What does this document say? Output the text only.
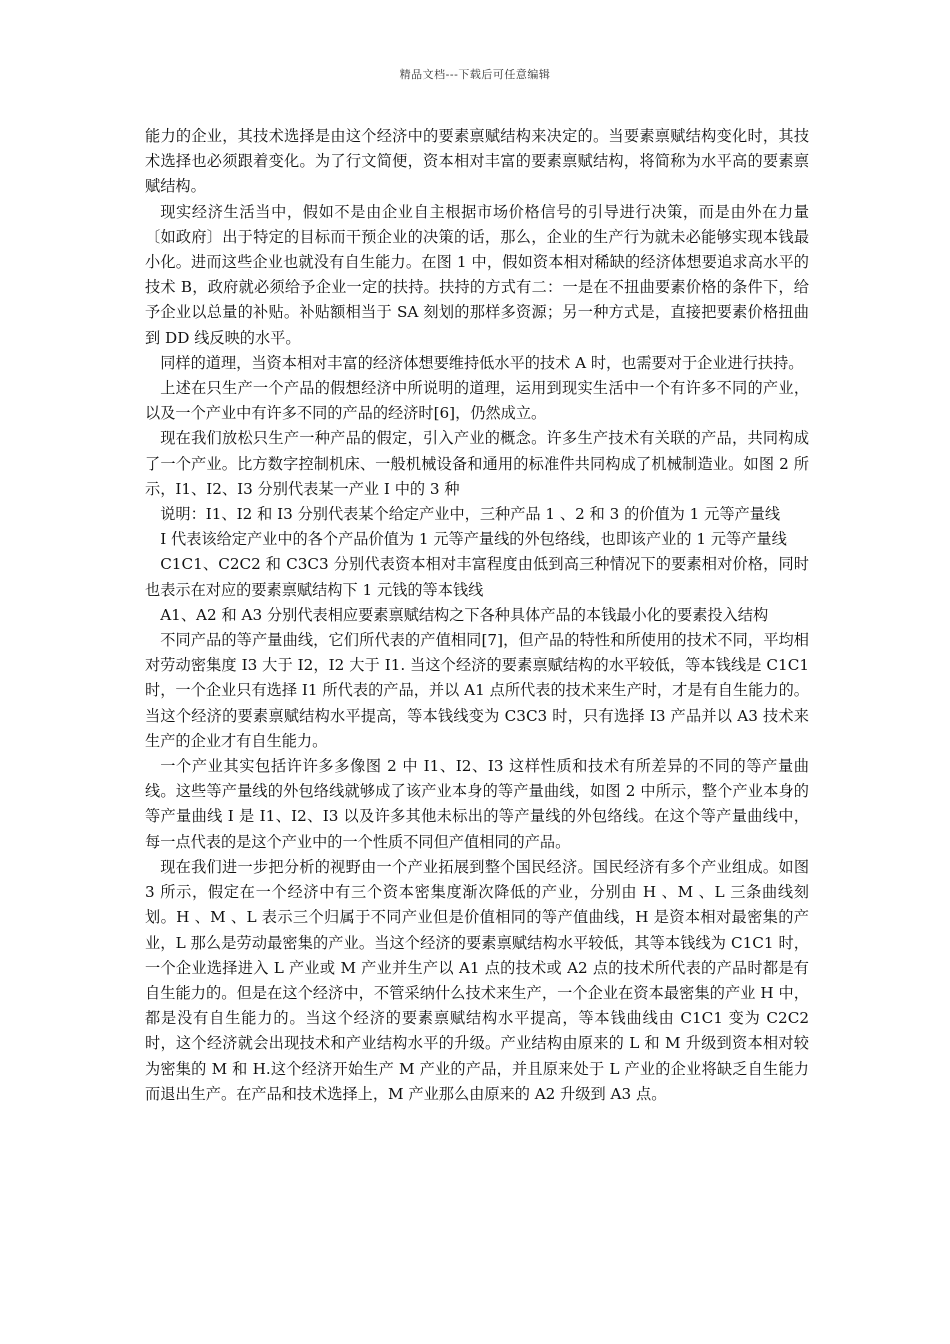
精品文档---下载后可任意编辑

能力的企业，其技术选择是由这个经济中的要素禀赋结构来决定的。当要素禀赋结构变化时，其技术选择也必须跟着变化。为了行文简便，资本相对丰富的要素禀赋结构，将简称为水平高的要素禀赋结构。

现实经济生活当中，假如不是由企业自主根据市场价格信号的引导进行决策，而是由外在力量〔如政府〕出于特定的目标而干预企业的决策的话，那么，企业的生产行为就未必能够实现本钱最小化。进而这些企业也就没有自生能力。在图 1 中，假如资本相对稀缺的经济体想要追求高水平的技术 B，政府就必须给予企业一定的扶持。扶持的方式有二：一是在不扭曲要素价格的条件下，给予企业以总量的补贴。补贴额相当于 SA 刻划的那样多资源；另一种方式是，直接把要素价格扭曲到 DD 线反映的水平。

同样的道理，当资本相对丰富的经济体想要维持低水平的技术 A 时，也需要对于企业进行扶持。

上述在只生产一个产品的假想经济中所说明的道理，运用到现实生活中一个有许多不同的产业，以及一个产业中有许多不同的产品的经济时[6]，仍然成立。

现在我们放松只生产一种产品的假定，引入产业的概念。许多生产技术有关联的产品，共同构成了一个产业。比方数字控制机床、一般机械设备和通用的标准件共同构成了机械制造业。如图 2 所示，I1、I2、I3 分别代表某一产业 I 中的 3 种

说明：I1、I2 和 I3 分别代表某个给定产业中，三种产品 1 、2 和 3 的价值为 1 元等产量线

I 代表该给定产业中的各个产品价值为 1 元等产量线的外包络线，也即该产业的 1 元等产量线

C1C1、C2C2 和 C3C3 分别代表资本相对丰富程度由低到高三种情况下的要素相对价格，同时也表示在对应的要素禀赋结构下 1 元钱的等本钱线

A1、A2 和 A3 分别代表相应要素禀赋结构之下各种具体产品的本钱最小化的要素投入结构

不同产品的等产量曲线，它们所代表的产值相同[7]，但产品的特性和所使用的技术不同，平均相对劳动密集度 I3 大于 I2，I2 大于 I1. 当这个经济的要素禀赋结构的水平较低，等本钱线是 C1C1 时，一个企业只有选择 I1 所代表的产品，并以 A1 点所代表的技术来生产时，才是有自生能力的。当这个经济的要素禀赋结构水平提高，等本钱线变为 C3C3 时，只有选择 I3 产品并以 A3 技术来生产的企业才有自生能力。

一个产业其实包括许许多多像图 2 中 I1、I2、I3 这样性质和技术有所差异的不同的等产量曲线。这些等产量线的外包络线就够成了该产业本身的等产量曲线，如图 2 中所示，整个产业本身的等产量曲线 I 是 I1、I2、I3 以及许多其他未标出的等产量线的外包络线。在这个等产量曲线中，每一点代表的是这个产业中的一个性质不同但产值相同的产品。

现在我们进一步把分析的视野由一个产业拓展到整个国民经济。国民经济有多个产业组成。如图 3 所示，假定在一个经济中有三个资本密集度渐次降低的产业，分别由 H 、M 、L 三条曲线刻划。H 、M 、L 表示三个归属于不同产业但是价值相同的等产值曲线，H 是资本相对最密集的产业，L 那么是劳动最密集的产业。当这个经济的要素禀赋结构水平较低，其等本钱线为 C1C1 时，一个企业选择进入 L 产业或 M 产业并生产以 A1 点的技术或 A2 点的技术所代表的产品时都是有自生能力的。但是在这个经济中，不管采纳什么技术来生产，一个企业在资本最密集的产业 H 中，都是没有自生能力的。当这个经济的要素禀赋结构水平提高，等本钱曲线由 C1C1 变为 C2C2 时，这个经济就会出现技术和产业结构水平的升级。产业结构由原来的 L 和 M 升级到资本相对较为密集的 M 和 H.这个经济开始生产 M 产业的产品，并且原来处于 L 产业的企业将缺乏自生能力而退出生产。在产品和技术选择上，M 产业那么由原来的 A2 升级到 A3 点。
